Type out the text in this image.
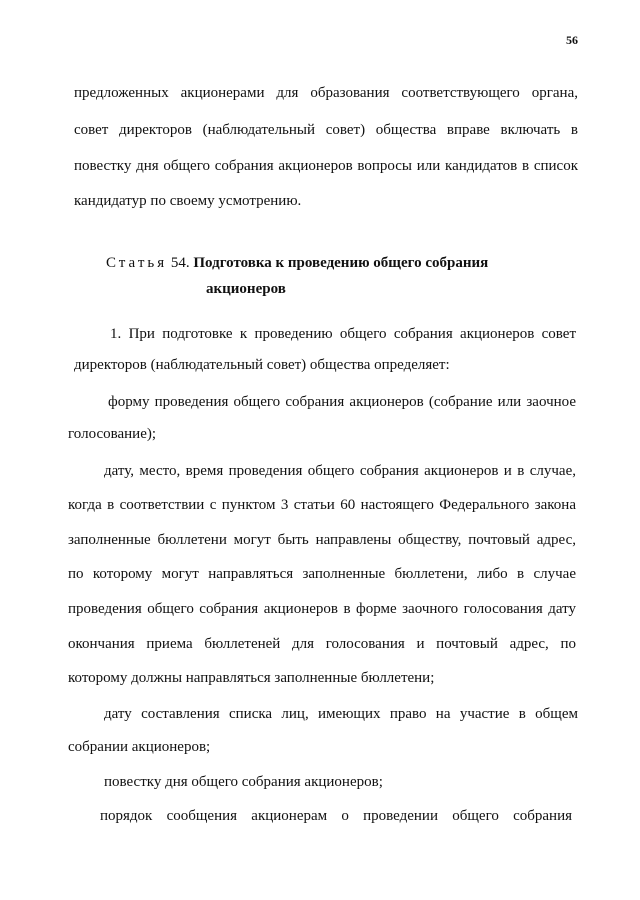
56
предложенных акционерами для образования соответствующего органа,
совет директоров (наблюдательный совет) общества вправе включать в
повестку дня общего собрания акционеров вопросы или кандидатов в список
кандидатур по своему усмотрению.
Статья 54. Подготовка к проведению общего собрания
акционеров
1. При подготовке к проведению общего собрания акционеров совет
директоров (наблюдательный совет) общества определяет:
форму проведения общего собрания акционеров (собрание или заочное
голосование);
дату, место, время проведения общего собрания акционеров и в случае,
когда в соответствии с пунктом 3 статьи 60 настоящего Федерального закона
заполненные бюллетени могут быть направлены обществу, почтовый адрес,
по которому могут направляться заполненные бюллетени, либо в случае
проведения общего собрания акционеров в форме заочного голосования дату
окончания приема бюллетеней для голосования и почтовый адрес, по
которому должны направляться заполненные бюллетени;
дату составления списка лиц, имеющих право на участие в общем
собрании акционеров;
повестку дня общего собрания акционеров;
порядок сообщения акционерам о проведении общего собрания
